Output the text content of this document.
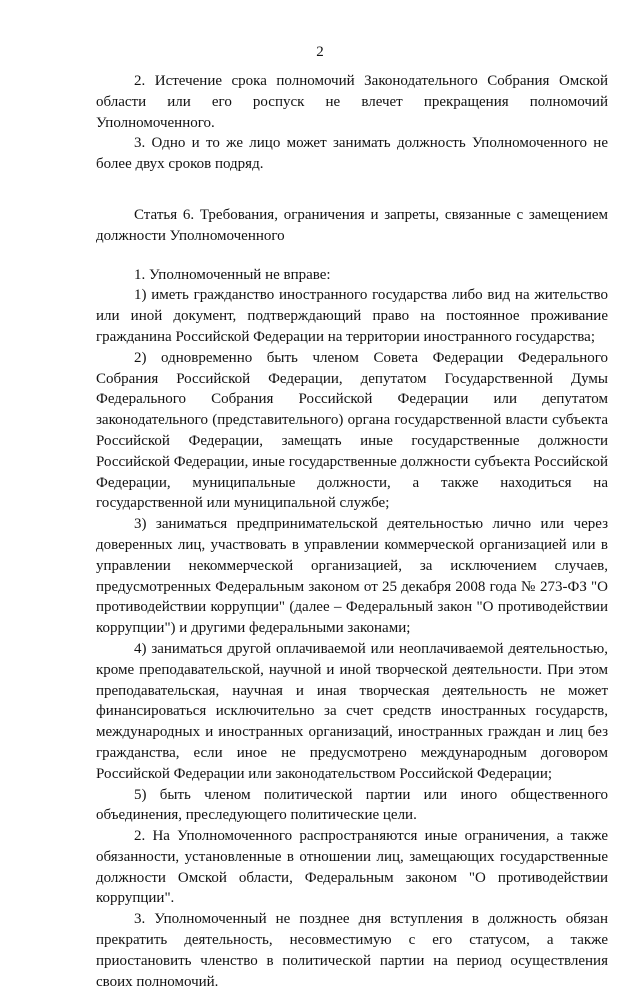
2

2. Истечение срока полномочий Законодательного Собрания Омской области или его роспуск не влечет прекращения полномочий Уполномоченного.

3. Одно и то же лицо может занимать должность Уполномоченного не более двух сроков подряд.

Статья 6. Требования, ограничения и запреты, связанные с замещением должности Уполномоченного

1. Уполномоченный не вправе:

1) иметь гражданство иностранного государства либо вид на жительство или иной документ, подтверждающий право на постоянное проживание гражданина Российской Федерации на территории иностранного государства;

2) одновременно быть членом Совета Федерации Федерального Собрания Российской Федерации, депутатом Государственной Думы Федерального Собрания Российской Федерации или депутатом законодательного (представительного) органа государственной власти субъекта Российской Федерации, замещать иные государственные должности Российской Федерации, иные государственные должности субъекта Российской Федерации, муниципальные должности, а также находиться на государственной или муниципальной службе;

3) заниматься предпринимательской деятельностью лично или через доверенных лиц, участвовать в управлении коммерческой организацией или в управлении некоммерческой организацией, за исключением случаев, предусмотренных Федеральным законом от 25 декабря 2008 года № 273-ФЗ "О противодействии коррупции" (далее – Федеральный закон "О противодействии коррупции") и другими федеральными законами;

4) заниматься другой оплачиваемой или неоплачиваемой деятельностью, кроме преподавательской, научной и иной творческой деятельности. При этом преподавательская, научная и иная творческая деятельность не может финансироваться исключительно за счет средств иностранных государств, международных и иностранных организаций, иностранных граждан и лиц без гражданства, если иное не предусмотрено международным договором Российской Федерации или законодательством Российской Федерации;

5) быть членом политической партии или иного общественного объединения, преследующего политические цели.

2. На Уполномоченного распространяются иные ограничения, а также обязанности, установленные в отношении лиц, замещающих государственные должности Омской области, Федеральным законом "О противодействии коррупции".

3. Уполномоченный не позднее дня вступления в должность обязан прекратить деятельность, несовместимую с его статусом, а также приостановить членство в политической партии на период осуществления своих полномочий.
